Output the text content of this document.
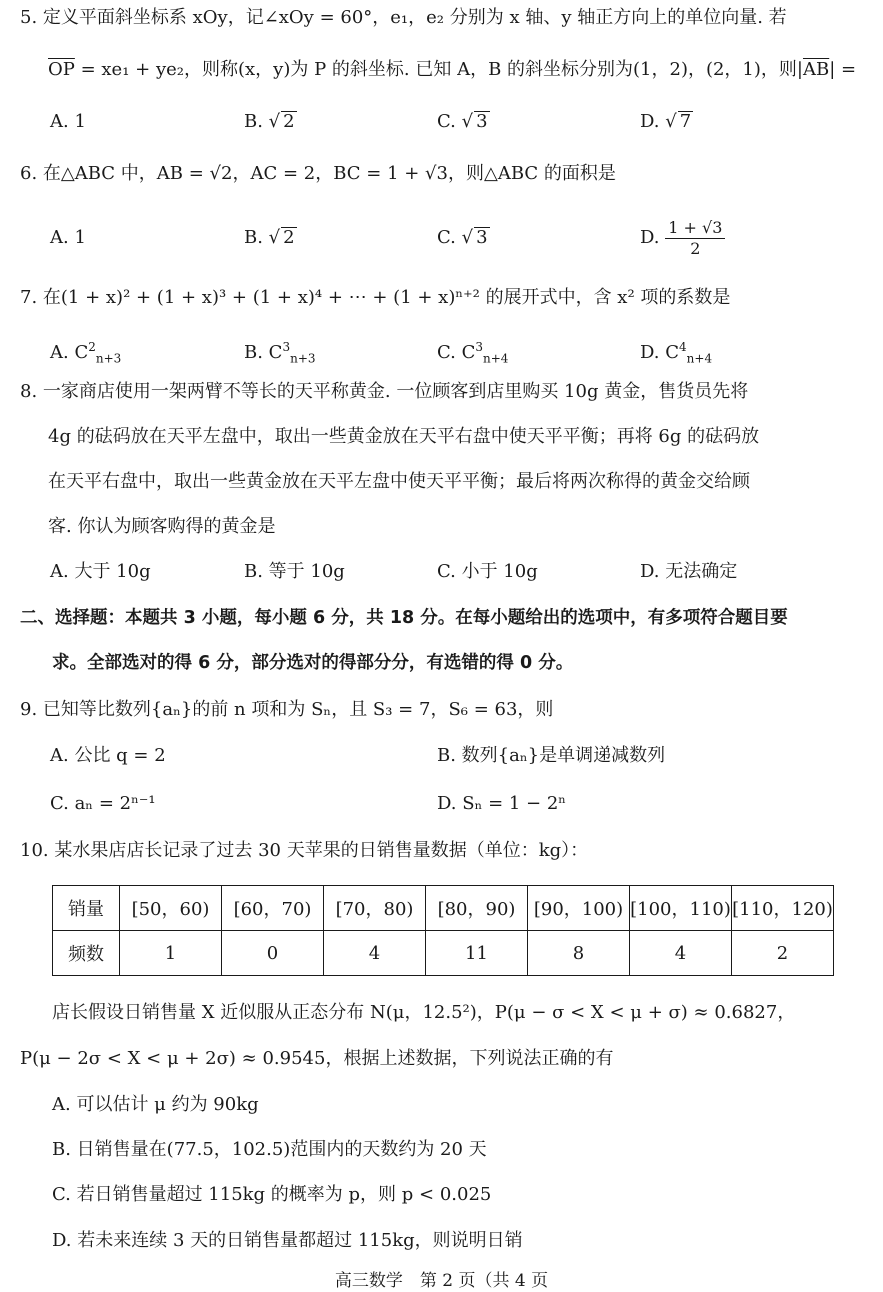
5. 定义平面斜坐标系 xOy，记∠xOy = 60°，e₁，e₂ 分别为 x 轴、y 轴正方向上的单位向量. 若
$\overline{OP} = xe_1 + ye_2$，则称(x，y)为 P 的斜坐标. 已知 A，B 的斜坐标分别为(1，2)，(2，1)，则$|\overline{AB}|$ =
A. 1	B. √ 2	C. √ 3	D. √ 7
6. 在△ABC 中，AB = √2，AC = 2，BC = 1 + √3，则△ABC 的面积是
A. 1	B. √ 2	C. √ 3	D. $\frac{1 + √3}{2}$
7. 在(1 + x)² + (1 + x)³ + (1 + x)⁴ + ⋯ + (1 + x)ⁿ⁺² 的展开式中，含 x² 项的系数是
A. $C^2_{n+3}$	B. $C^3_{n+3}$	C. $C^3_{n+4}$	D. $C^4_{n+4}$
8. 一家商店使用一架两臂不等长的天平称黄金. 一位顾客到店里购买 10g 黄金，售货员先将
4g 的砝码放在天平左盘中，取出一些黄金放在天平右盘中使天平平衡；再将 6g 的砝码放
在天平右盘中，取出一些黄金放在天平左盘中使天平平衡；最后将两次称得的黄金交给顾
客. 你认为顾客购得的黄金是
A. 大于 10g	B. 等于 10g	C. 小于 10g	D. 无法确定
二、选择题：本题共 3 小题，每小题 6 分，共 18 分。在每小题给出的选项中，有多项符合题目要
求。全部选对的得 6 分，部分选对的得部分分，有选错的得 0 分。
9. 已知等比数列{aₙ}的前 n 项和为 Sₙ，且 S₃ = 7，S₆ = 63，则
A. 公比 q = 2	B. 数列{aₙ}是单调递减数列
C. aₙ = 2ⁿ⁻¹	D. Sₙ = 1 − 2ⁿ
10. 某水果店店长记录了过去 30 天苹果的日销售量数据（单位：kg）：
销量	[50，60)	[60，70)	[70，80)	[80，90)	[90，100)	[100，110)	[110，120)
频数	1	0	4	11	8	4	2
店长假设日销售量 X 近似服从正态分布 N(μ，12.5²)，P(μ − σ < X < μ + σ) ≈ 0.6827，
P(μ − 2σ < X < μ + 2σ) ≈ 0.9545，根据上述数据，下列说法正确的有
A. 可以估计 μ 约为 90kg
B. 日销售量在(77.5，102.5)范围内的天数约为 20 天
C. 若日销售量超过 115kg 的概率为 p，则 p < 0.025
D. 若未来连续 3 天的日销售量都超过 115kg，则说明日销
高三数学　第 2 页（共 4 页
